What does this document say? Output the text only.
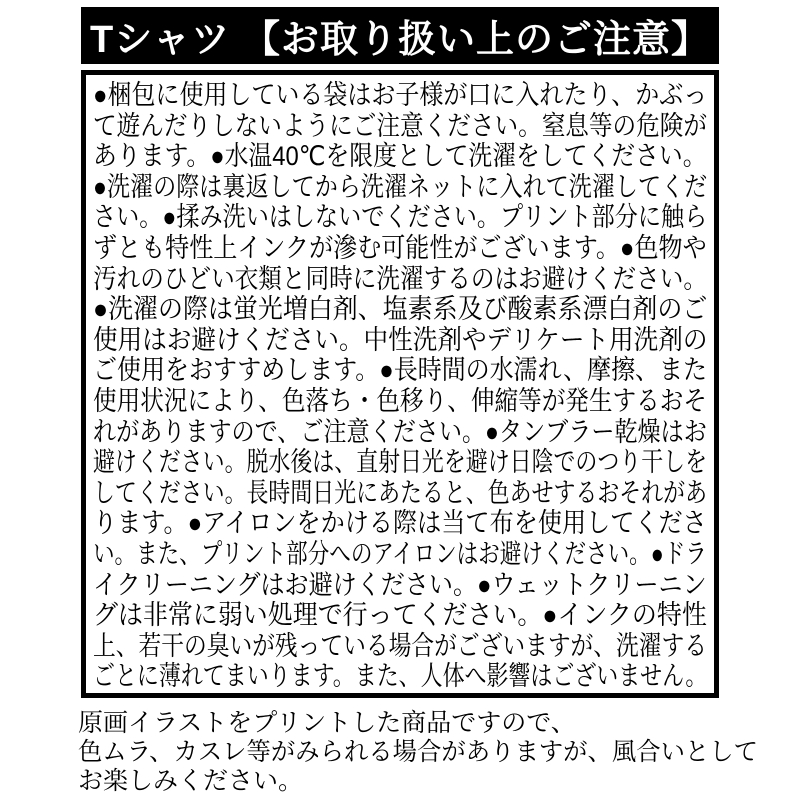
Tシャツ 【お取り扱い上のご注意】
●梱包に使用している袋はお子様が口に入れたり、かぶっ
て遊んだりしないようにご注意ください。窒息等の危険が
あります。●水温40℃を限度として洗濯をしてください。
●洗濯の際は裏返してから洗濯ネットに入れて洗濯してくだ
さい。●揉み洗いはしないでください。プリント部分に触ら
ずとも特性上インクが滲む可能性がございます。●色物や
汚れのひどい衣類と同時に洗濯するのはお避けください。
●洗濯の際は蛍光増白剤、塩素系及び酸素系漂白剤のご
使用はお避けください。中性洗剤やデリケート用洗剤の
ご使用をおすすめします。●長時間の水濡れ、摩擦、また
使用状況により、色落ち・色移り、伸縮等が発生するおそ
れがありますので、ご注意ください。●タンブラー乾燥はお
避けください。脱水後は、直射日光を避け日陰でのつり干しを
してください。長時間日光にあたると、色あせするおそれがあ
ります。●アイロンをかける際は当て布を使用してくださ
い。また、プリント部分へのアイロンはお避けください。●ドラ
イクリーニングはお避けください。●ウェットクリーニン
グは非常に弱い処理で行ってください。●インクの特性
上、若干の臭いが残っている場合がございますが、洗濯する
ごとに薄れてまいります。また、人体へ影響はございません。
原画イラストをプリントした商品ですので、
色ムラ、カスレ等がみられる場合がありますが、風合いとして
お楽しみください。
